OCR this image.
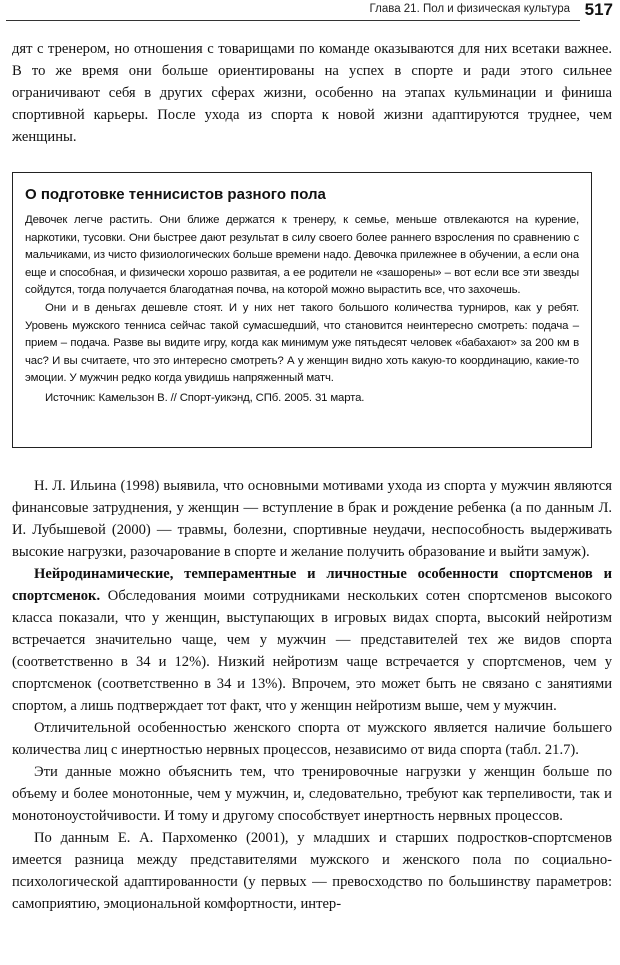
Глава 21. Пол и физическая культура 517

дят с тренером, но отношения с товарищами по команде оказываются для них всетаки важнее. В то же время они больше ориентированы на успех в спорте и ради этого сильнее ограничивают себя в других сферах жизни, особенно на этапах кульминации и финиша спортивной карьеры. После ухода из спорта к новой жизни адаптируются труднее, чем женщины.

О подготовке теннисистов разного пола

Девочек легче растить. Они ближе держатся к тренеру, к семье, меньше отвлекаются на курение, наркотики, тусовки. Они быстрее дают результат в силу своего более раннего взросления по сравнению с мальчиками, из чисто физиологических больше времени надо. Девочка прилежнее в обучении, а если она еще и способная, и физически хорошо развитая, а ее родители не «зашорены» – вот если все эти звезды сойдутся, тогда получается благодатная почва, на которой можно вырастить все, что захочешь.

Они и в деньгах дешевле стоят. И у них нет такого большого количества турниров, как у ребят. Уровень мужского тенниса сейчас такой сумасшедший, что становится неинтересно смотреть: подача – прием – подача. Разве вы видите игру, когда как минимум уже пятьдесят человек «бабахают» за 200 км в час? И вы считаете, что это интересно смотреть? А у женщин видно хоть какую-то координацию, какие-то эмоции. У мужчин редко когда увидишь напряженный матч.

Источник: Камельзон В. // Спорт-уикэнд, СПб. 2005. 31 марта.

Н. Л. Ильина (1998) выявила, что основными мотивами ухода из спорта у мужчин являются финансовые затруднения, у женщин — вступление в брак и рождение ребенка (а по данным Л. И. Лубышевой (2000) — травмы, болезни, спортивные неудачи, неспособность выдерживать высокие нагрузки, разочарование в спорте и желание получить образование и выйти замуж).

Нейродинамические, темпераментные и личностные особенности спортсменов и спортсменок. Обследования моими сотрудниками нескольких сотен спортсменов высокого класса показали, что у женщин, выступающих в игровых видах спорта, высокий нейротизм встречается значительно чаще, чем у мужчин — представителей тех же видов спорта (соответственно в 34 и 12%). Низкий нейротизм чаще встречается у спортсменов, чем у спортсменок (соответственно в 34 и 13%). Впрочем, это может быть не связано с занятиями спортом, а лишь подтверждает тот факт, что у женщин нейротизм выше, чем у мужчин.

Отличительной особенностью женского спорта от мужского является наличие большего количества лиц с инертностью нервных процессов, независимо от вида спорта (табл. 21.7).

Эти данные можно объяснить тем, что тренировочные нагрузки у женщин больше по объему и более монотонные, чем у мужчин, и, следовательно, требуют как терпеливости, так и монотоноустойчивости. И тому и другому способствует инертность нервных процессов.

По данным Е. А. Пархоменко (2001), у младших и старших подростков-спортсменов имеется разница между представителями мужского и женского пола по социально-психологической адаптированности (у первых — превосходство по большинству параметров: самоприятию, эмоциональной комфортности, интер-
